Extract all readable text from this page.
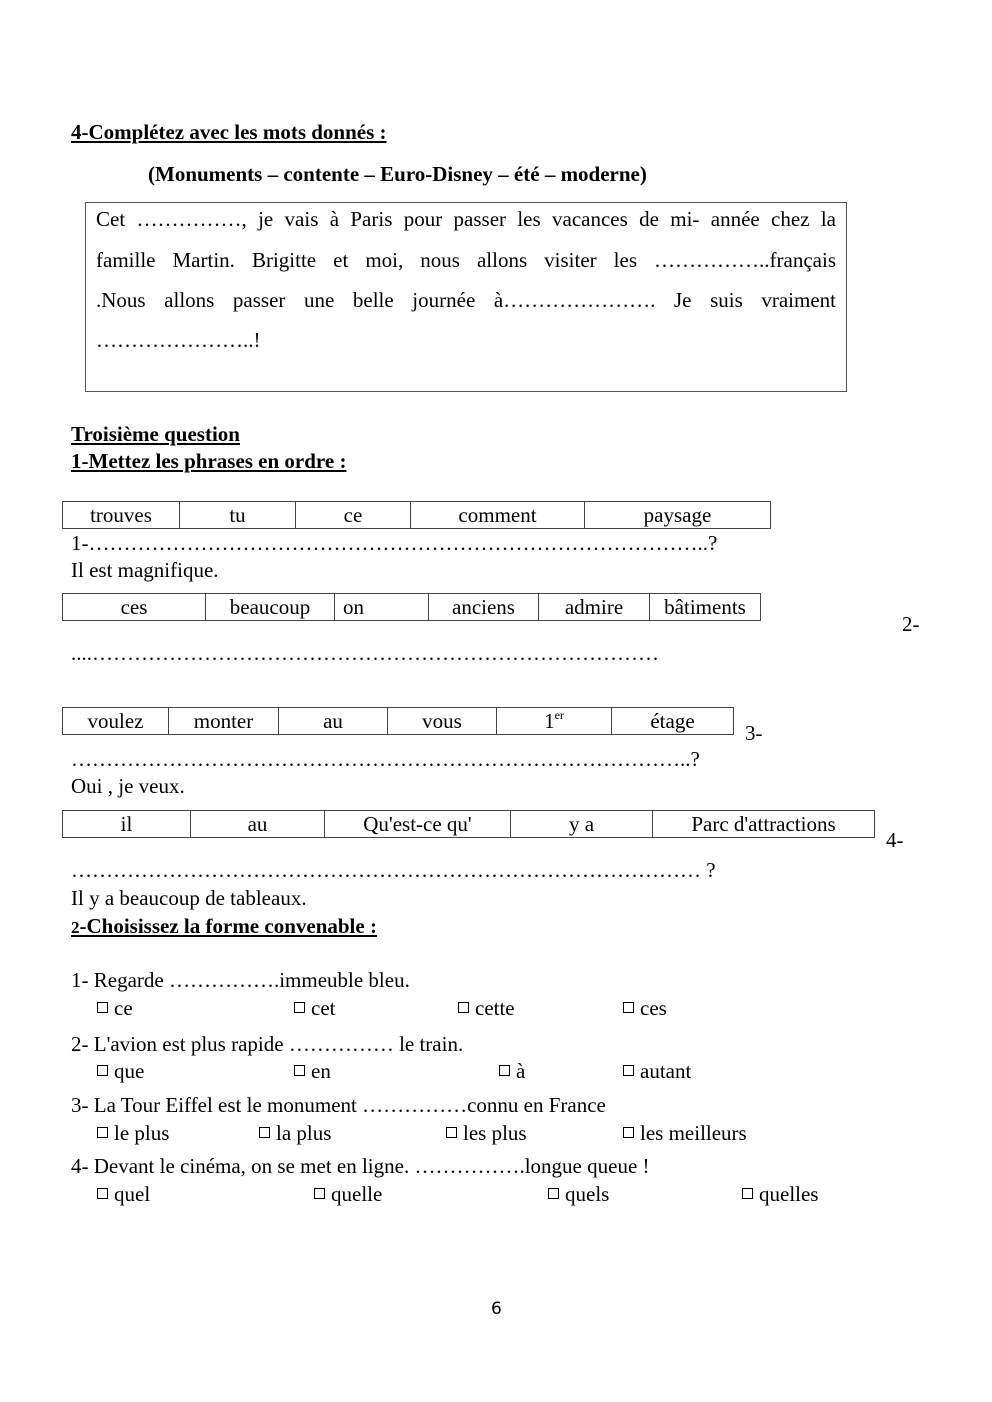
4-Complétez avec les mots donnés :
(Monuments – contente – Euro-Disney – été – moderne)

Cet ……………, je vais à Paris pour passer les vacances de mi- année chez la

famille Martin. Brigitte et moi, nous allons visiter les ……………..français

.Nous allons passer une belle journée à…………………. Je suis vraiment

…………………..!

Troisième question
1-Mettez les phrases en ordre :
trouves	tu	ce	comment	paysage
1-……………………………………………………………………………..?
Il est magnifique.
ces	beaucoup	on	anciens	admire	bâtiments
2-
....………………………………………………………………………
voulez	monter	au	vous	1er	étage 3-
……………………………………………………………………………..?
Oui , je veux.
il	au	Qu'est-ce qu'	y a	Parc d'attractions
4-
……………………………………………………………………………… ?
Il y a beaucoup de tableaux.
2-Choisissez la forme convenable :
1- Regarde …………….immeuble bleu.
ce	cet	cette	ces
2- L'avion est plus rapide …………… le train.
que	en	à	autant
3- La Tour Eiffel est le monument ……………connu en France
le plus	la plus	les plus	les meilleurs
4- Devant le cinéma, on se met en ligne. …………….longue queue !
quel	quelle	quels	quelles
6
